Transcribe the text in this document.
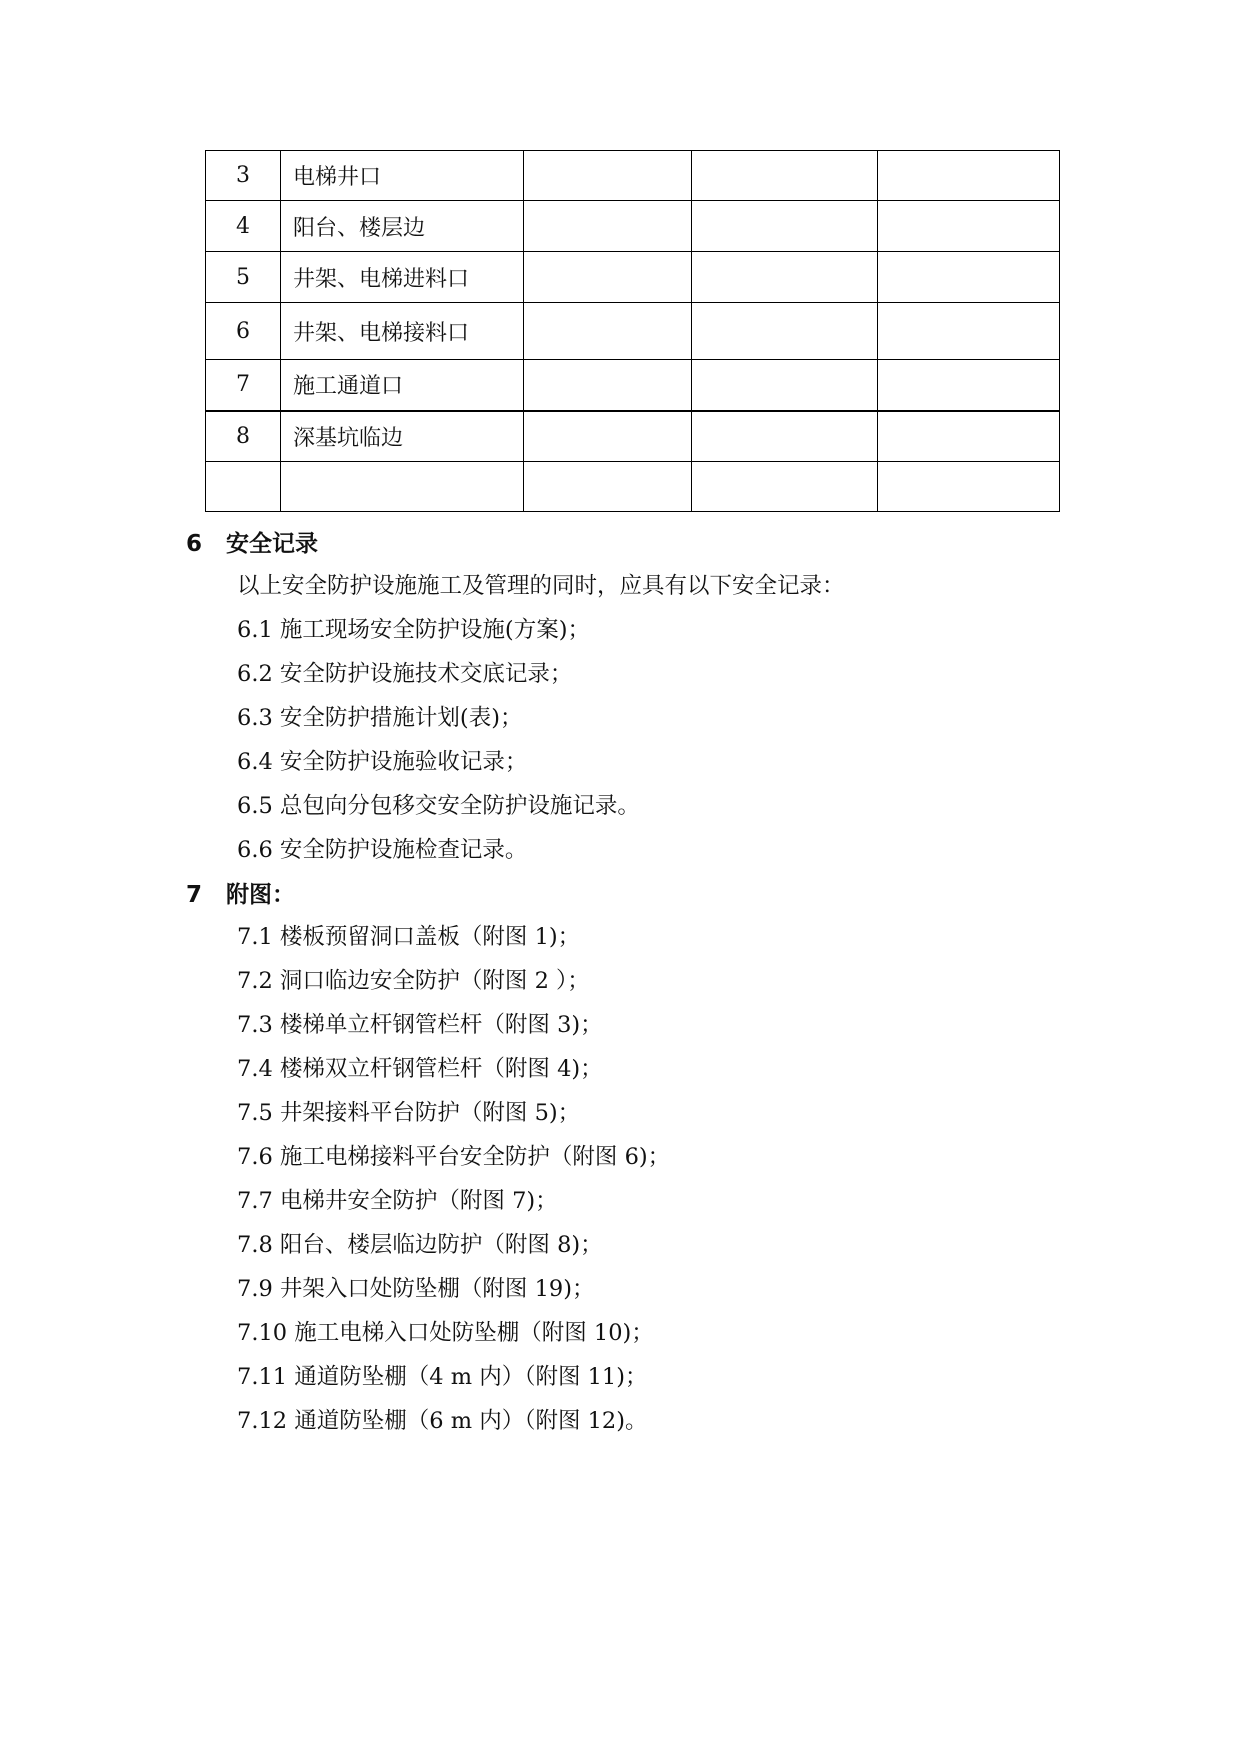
3	电梯井口			
4	阳台、楼层边			
5	井架、电梯进料口			
6	井架、电梯接料口			
7	施工通道口			
8	深基坑临边			

6 安全记录
以上安全防护设施施工及管理的同时，应具有以下安全记录：
6.1 施工现场安全防护设施(方案)；
6.2 安全防护设施技术交底记录；
6.3 安全防护措施计划(表)；
6.4 安全防护设施验收记录；
6.5 总包向分包移交安全防护设施记录。
6.6 安全防护设施检查记录。
7 附图：
7.1 楼板预留洞口盖板（附图 1)；
7.2 洞口临边安全防护（附图 2 ）；
7.3 楼梯单立杆钢管栏杆（附图 3)；
7.4 楼梯双立杆钢管栏杆（附图 4)；
7.5 井架接料平台防护（附图 5)；
7.6 施工电梯接料平台安全防护（附图 6)；
7.7 电梯井安全防护（附图 7)；
7.8 阳台、楼层临边防护（附图 8)；
7.9 井架入口处防坠棚（附图 19)；
7.10 施工电梯入口处防坠棚（附图 10)；
7.11 通道防坠棚（4 m 内）（附图 11)；
7.12 通道防坠棚（6 m 内）（附图 12)。
